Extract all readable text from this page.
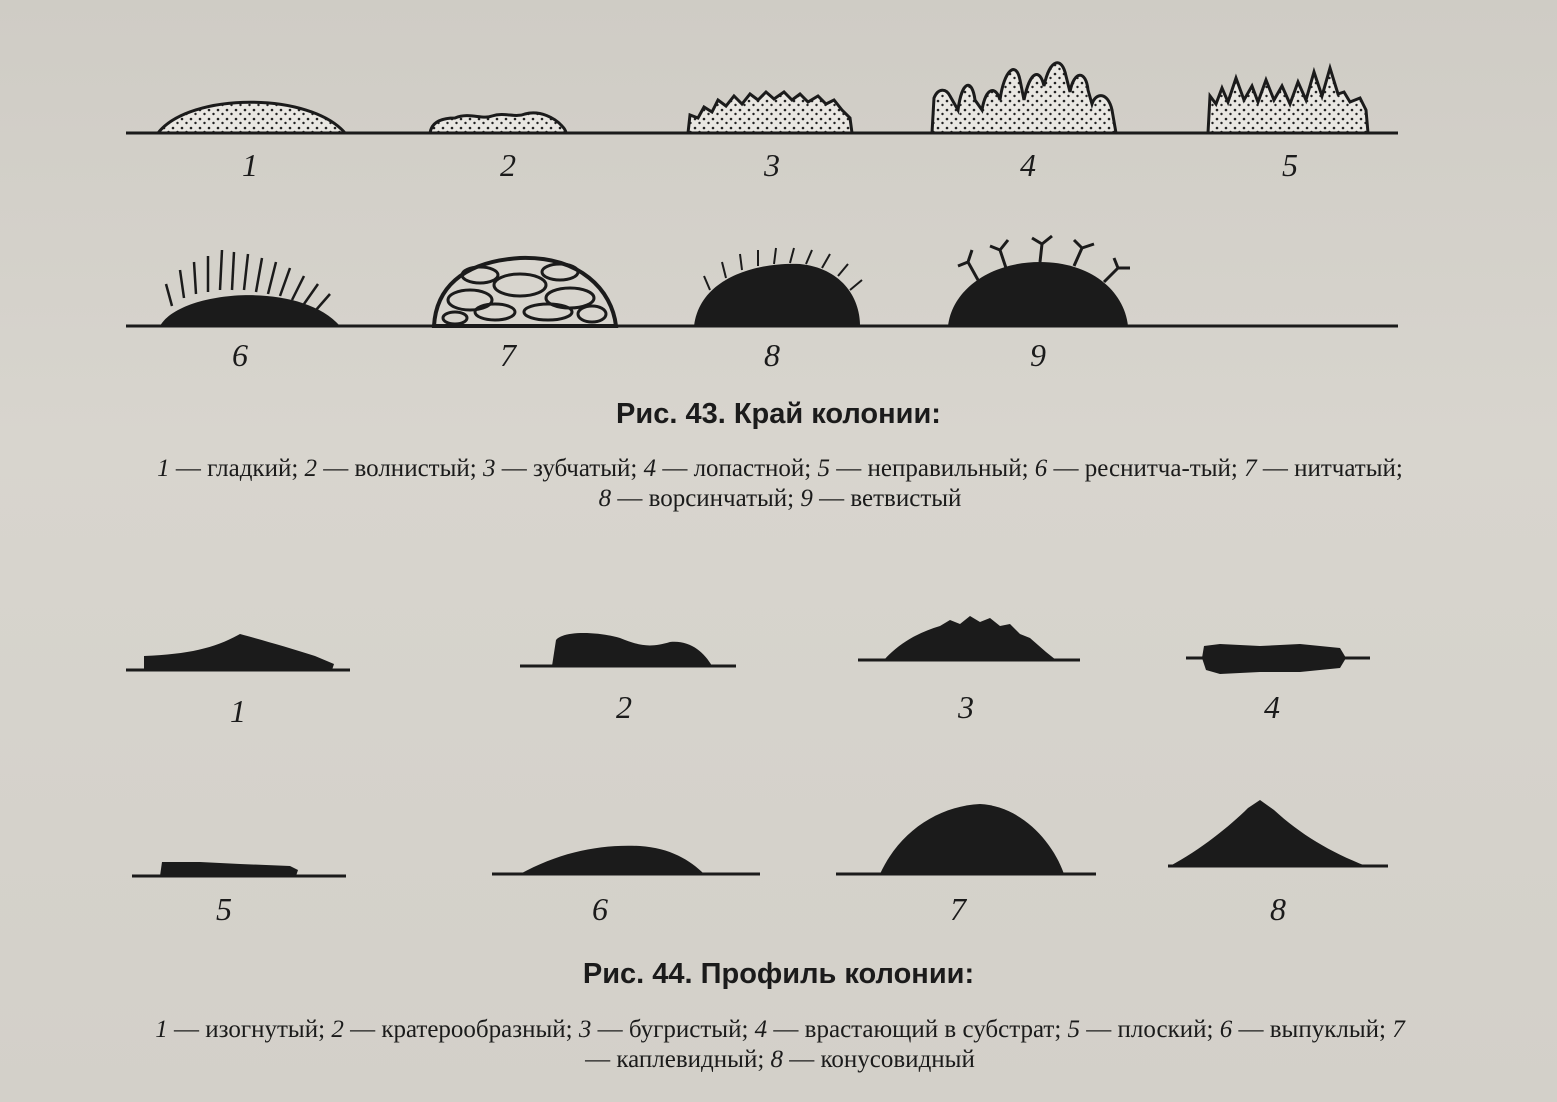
1	2	3	4	5
6	7	8	9
Рис. 43. Край колонии:
1 — гладкий; 2 — волнистый; 3 — зубчатый; 4 — лопастной; 5 — неправильный; 6 — реснитча-тый; 7 — нитчатый; 8 — ворсинчатый; 9 — ветвистый
1	2	3	4
5	6	7	8
Рис. 44. Профиль колонии:
1 — изогнутый; 2 — кратерообразный; 3 — бугристый; 4 — врастающий в субстрат; 5 — плоский; 6 — выпуклый; 7 — каплевидный; 8 — конусовидный
